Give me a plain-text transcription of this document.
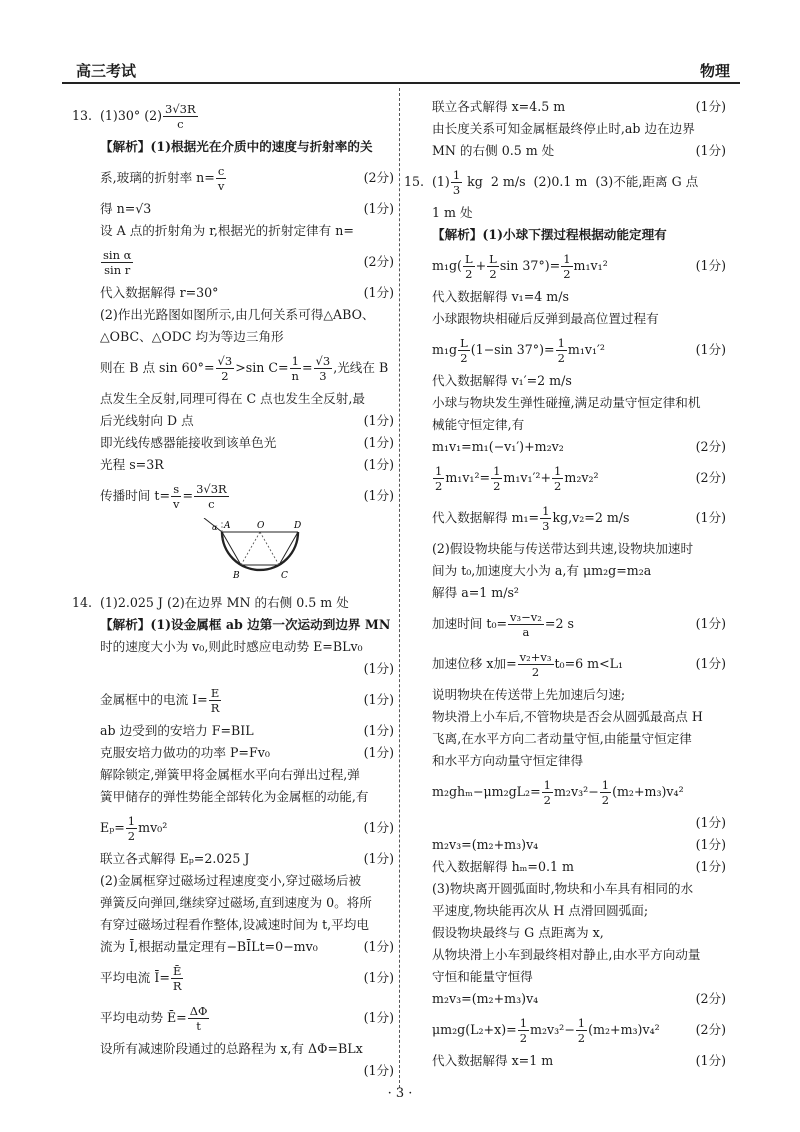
高三考试	物理
13. (1)30°
$(2) \frac{3√3R}{c}$
【解析】(1)根据光在介质中的速度与折射率的关
系,玻璃的折射率 $n= \frac{c}{v}$	(2分)
得 n=√3	(1分)
设 A 点的折射角为 r,根据光的折射定律有 n=
$\frac{\text{sin α}}{\text{sin r}}$	(2分)
代入数据解得 r=30°	(1分)
(2)作出光路图如图所示,由几何关系可得△ABO、
△OBC、△ODC 均为等边三角形
则在 B 点 $\sin 60^\circ= \frac{√3}{2} >\sin$ $C= \frac{1}{n} = \frac{√3}{3}$ ,光线在 B
点发生全反射,同理可得在 C 点也发生全反射,最
后光线射向 D 点	(1分)
即光线传感器能接收到该单色光	(1分)
光程 s=3R	(1分)
传播时间 $t= \frac{s}{v} = \frac{3√3R}{c}$	(1分)
α A	O	D
B	C
14. (1)2.025 J (2)在边界 MN 的右侧 0.5 m 处
【解析】(1)设金属框 ab 边第一次运动到边界 MN
时的速度大小为 v₀,则此时感应电动势 E=BLv₀
(1分)
金属框中的电流 $I= \frac{E}{R}$	(1分)
ab 边受到的安培力 F=BIL	(1分)
克服安培力做功的功率 P=Fv₀	(1分)
解除锁定,弹簧甲将金属框水平向右弹出过程,弹
簧甲储存的弹性势能全部转化为金属框的动能,有
$E_p= \frac{1}{2} mv_0^2$	(1分)
联立各式解得 Eₚ=2.025 J	(1分)
(2)金属框穿过磁场过程速度变小,穿过磁场后被
弹簧反向弹回,继续穿过磁场,直到速度为 0。将所
有穿过磁场过程看作整体,设减速时间为 t,平均电
流为 Ī,根据动量定理有−BĪLt=0−mv₀	(1分)
平均电流 Ī= $\frac{Ē}{R}$	(1分)
平均电动势 Ē= $\frac{\Delta\Phi}{t}$	(1分)
设所有减速阶段通过的总路程为 x,有 ΔΦ=BLx
(1分)
联立各式解得 x=4.5 m	(1分)
由长度关系可知金属框最终停止时,ab 边在边界
MN 的右侧 0.5 m 处	(1分)
15. $(1) \frac{1}{3}$ kg  2 m/s  (2)0.1 m  (3)不能,距离 G 点
1 m 处
【解析】(1)小球下摆过程根据动能定理有
$m_1g( \frac{L}{2} + \frac{L}{2}$ $\sin 37^\circ)= \frac{1}{2} m_1v_1^2$	(1分)
代入数据解得 v₁=4 m/s
小球跟物块相碰后反弹到最高位置过程有
$m_1g \frac{L}{2} (1-\sin$ $37^\circ)= \frac{1}{2} m_1v_1'^2$	(1分)
代入数据解得 v₁′=2 m/s
小球与物块发生弹性碰撞,满足动量守恒定律和机
械能守恒定律,有
m₁v₁=m₁(−v₁′)+m₂v₂	(2分)
$\frac{1}{2} m_1v_1^2= \frac{1}{2} m_1v_1'^2+ \frac{1}{2} m_2v_2^2$	(2分)
代入数据解得 $m_1= \frac{1}{3} kg,v_2=2$ m/s	(1分)
(2)假设物块能与传送带达到共速,设物块加速时
间为 t₀,加速度大小为 a,有 μm₂g=m₂a
解得 a=1 m/s²
加速时间 $t_0= \frac{\text{v₃−v₂}}{a} =2$ s	(1分)
加速位移 x加= $\frac{\text{v₂+v₃}}{2} t_0=6$ m<L₁	(1分)
说明物块在传送带上先加速后匀速;
物块滑上小车后,不管物块是否会从圆弧最高点 H
飞离,在水平方向二者动量守恒,由能量守恒定律
和水平方向动量守恒定律得
$m_2gh_m-\mu m_2gL_2= \frac{1}{2} m_2v_3^2- \frac{1}{2} (m_2+m_3)v_4^2$
(1分)
m₂v₃=(m₂+m₃)v₄	(1分)
代入数据解得 hₘ=0.1 m	(1分)
(3)物块离开圆弧面时,物块和小车具有相同的水
平速度,物块能再次从 H 点滑回圆弧面;
假设物块最终与 G 点距离为 x,
从物块滑上小车到最终相对静止,由水平方向动量
守恒和能量守恒得
m₂v₃=(m₂+m₃)v₄	(2分)
$\mu m_2g(L_2+x)= \frac{1}{2} m_2v_3^2- \frac{1}{2} (m_2+m_3)v_4^2$	(2分)
代入数据解得 x=1 m	(1分)
· 3 ·
